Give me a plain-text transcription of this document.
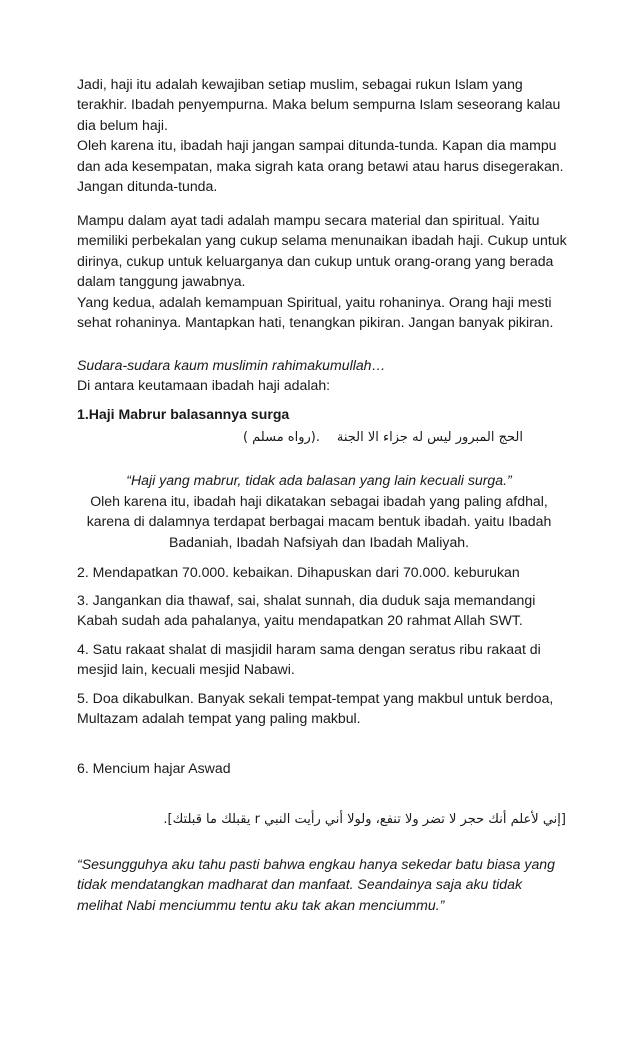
Jadi, haji itu adalah kewajiban setiap muslim, sebagai rukun Islam yang terakhir. Ibadah penyempurna. Maka belum sempurna Islam seseorang kalau dia belum haji.

Oleh karena itu, ibadah haji jangan sampai ditunda-tunda. Kapan dia mampu dan ada kesempatan, maka sigrah kata orang betawi atau harus disegerakan. Jangan ditunda-tunda.

Mampu dalam ayat tadi adalah mampu secara material dan spiritual. Yaitu memiliki perbekalan yang cukup selama menunaikan ibadah haji. Cukup untuk dirinya, cukup untuk keluarganya dan cukup untuk orang-orang yang berada dalam tanggung jawabnya.

Yang kedua, adalah kemampuan Spiritual, yaitu rohaninya. Orang haji mesti sehat rohaninya. Mantapkan hati, tenangkan pikiran. Jangan banyak pikiran.

Sudara-sudara kaum muslimin rahimakumullah…

Di antara keutamaan ibadah haji adalah:

1.Haji Mabrur balasannya surga
الحج المبرور ليس له جزاء الا الجنة
.(رواه مسلم )
“Haji yang mabrur, tidak ada balasan yang lain kecuali surga.”
Oleh karena itu, ibadah haji dikatakan sebagai ibadah yang paling afdhal, karena di dalamnya terdapat berbagai macam bentuk ibadah. yaitu Ibadah Badaniah, Ibadah Nafsiyah dan Ibadah Maliyah.
2. Mendapatkan 70.000. kebaikan. Dihapuskan dari 70.000. keburukan
3. Jangankan dia thawaf, sai, shalat sunnah, dia duduk saja memandangi Kabah sudah ada pahalanya, yaitu mendapatkan 20 rahmat Allah SWT.
4. Satu rakaat shalat di masjidil haram sama dengan seratus ribu rakaat di mesjid lain, kecuali mesjid Nabawi.
5. Doa dikabulkan. Banyak sekali tempat-tempat yang makbul untuk berdoa, Multazam adalah tempat yang paling makbul.
6. Mencium hajar Aswad
[إني لأعلم أنك حجر لا تضر ولا تنفع، ولولا أني رأيت النبي r يقبلك ما قبلتك].
“Sesungguhya aku tahu pasti bahwa engkau hanya sekedar batu biasa yang tidak mendatangkan madharat dan manfaat. Seandainya saja aku tidak melihat Nabi menciummu tentu aku tak akan menciummu.”
